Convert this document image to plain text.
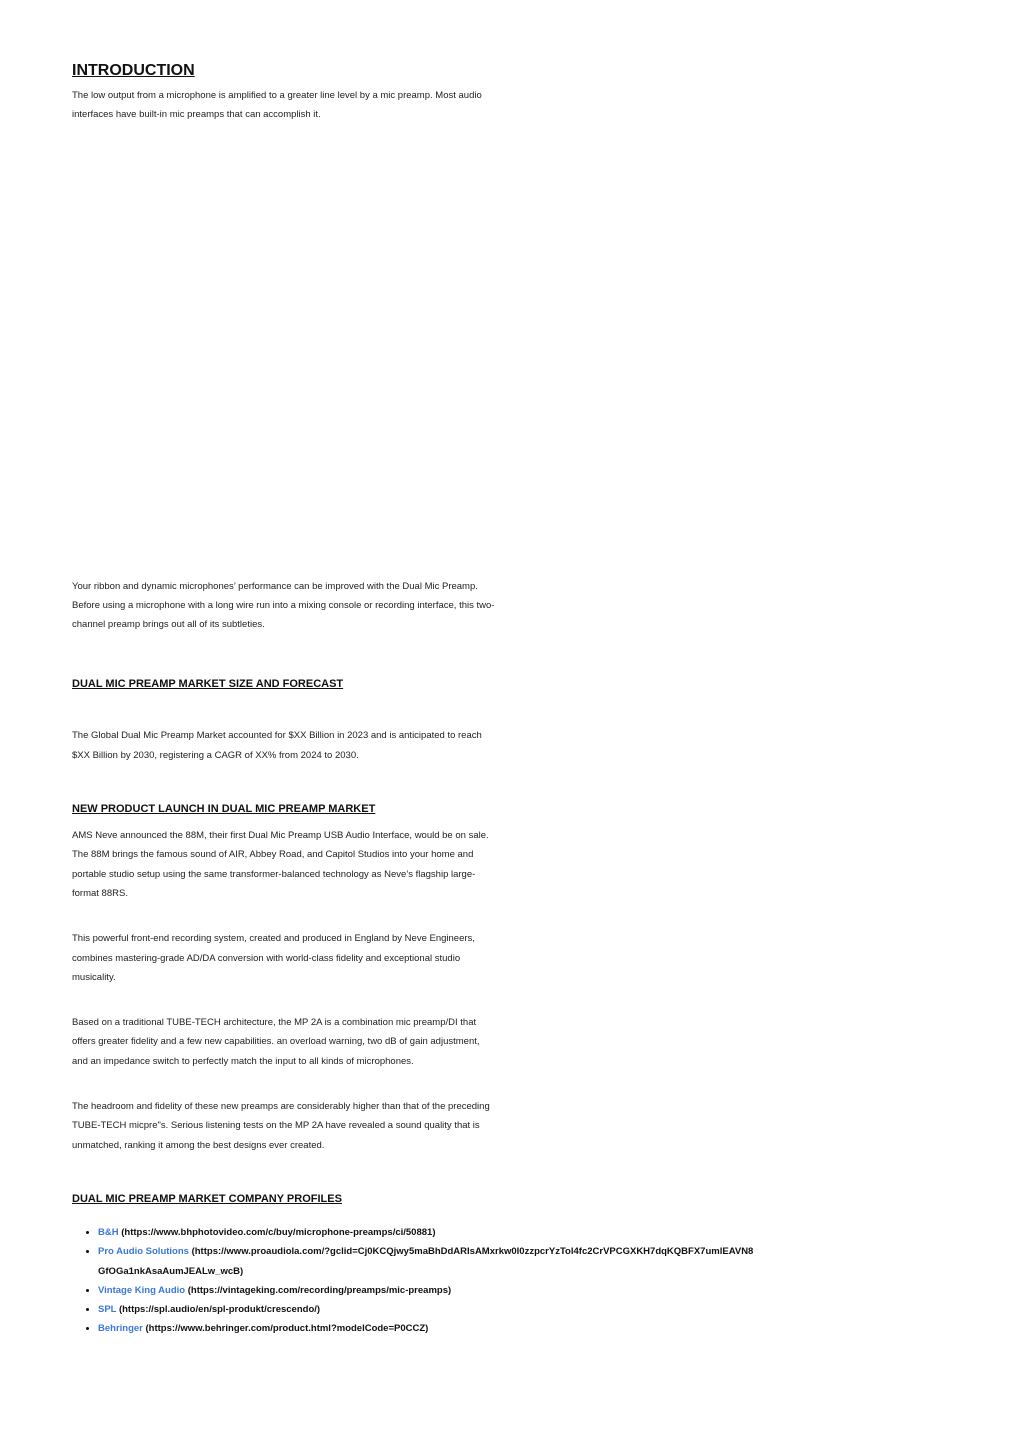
INTRODUCTION

The low output from a microphone is amplified to a greater line level by a mic preamp. Most audio interfaces have built-in mic preamps that can accomplish it.

Your ribbon and dynamic microphones’ performance can be improved with the Dual Mic Preamp. Before using a microphone with a long wire run into a mixing console or recording interface, this two-channel preamp brings out all of its subtleties.

DUAL MIC PREAMP MARKET SIZE AND FORECAST

The Global Dual Mic Preamp Market accounted for $XX Billion in 2023 and is anticipated to reach $XX Billion by 2030, registering a CAGR of XX% from 2024 to 2030.

NEW PRODUCT LAUNCH IN DUAL MIC PREAMP MARKET

AMS Neve announced the 88M, their first Dual Mic Preamp USB Audio Interface, would be on sale. The 88M brings the famous sound of AIR, Abbey Road, and Capitol Studios into your home and portable studio setup using the same transformer-balanced technology as Neve’s flagship large-format 88RS.

This powerful front-end recording system, created and produced in England by Neve Engineers, combines mastering-grade AD/DA conversion with world-class fidelity and exceptional studio musicality.

Based on a traditional TUBE-TECH architecture, the MP 2A is a combination mic preamp/DI that offers greater fidelity and a few new capabilities. an overload warning, two dB of gain adjustment, and an impedance switch to perfectly match the input to all kinds of microphones.

The headroom and fidelity of these new preamps are considerably higher than that of the preceding TUBE-TECH micpre"s. Serious listening tests on the MP 2A have revealed a sound quality that is unmatched, ranking it among the best designs ever created.

DUAL MIC PREAMP MARKET COMPANY PROFILES
• B&H (https://www.bhphotovideo.com/c/buy/microphone-preamps/ci/50881)
• Pro Audio Solutions (https://www.proaudiola.com/?gclid=Cj0KCQjwy5maBhDdARIsAMxrkw0l0zzpcrYzTol4fc2CrVPCGXKH7dqKQBFX7umlEAVN8GfOGa1nkAsaAumJEALw_wcB)
• Vintage King Audio (https://vintageking.com/recording/preamps/mic-preamps)
• SPL (https://spl.audio/en/spl-produkt/crescendo/)
• Behringer (https://www.behringer.com/product.html?modelCode=P0CCZ)
